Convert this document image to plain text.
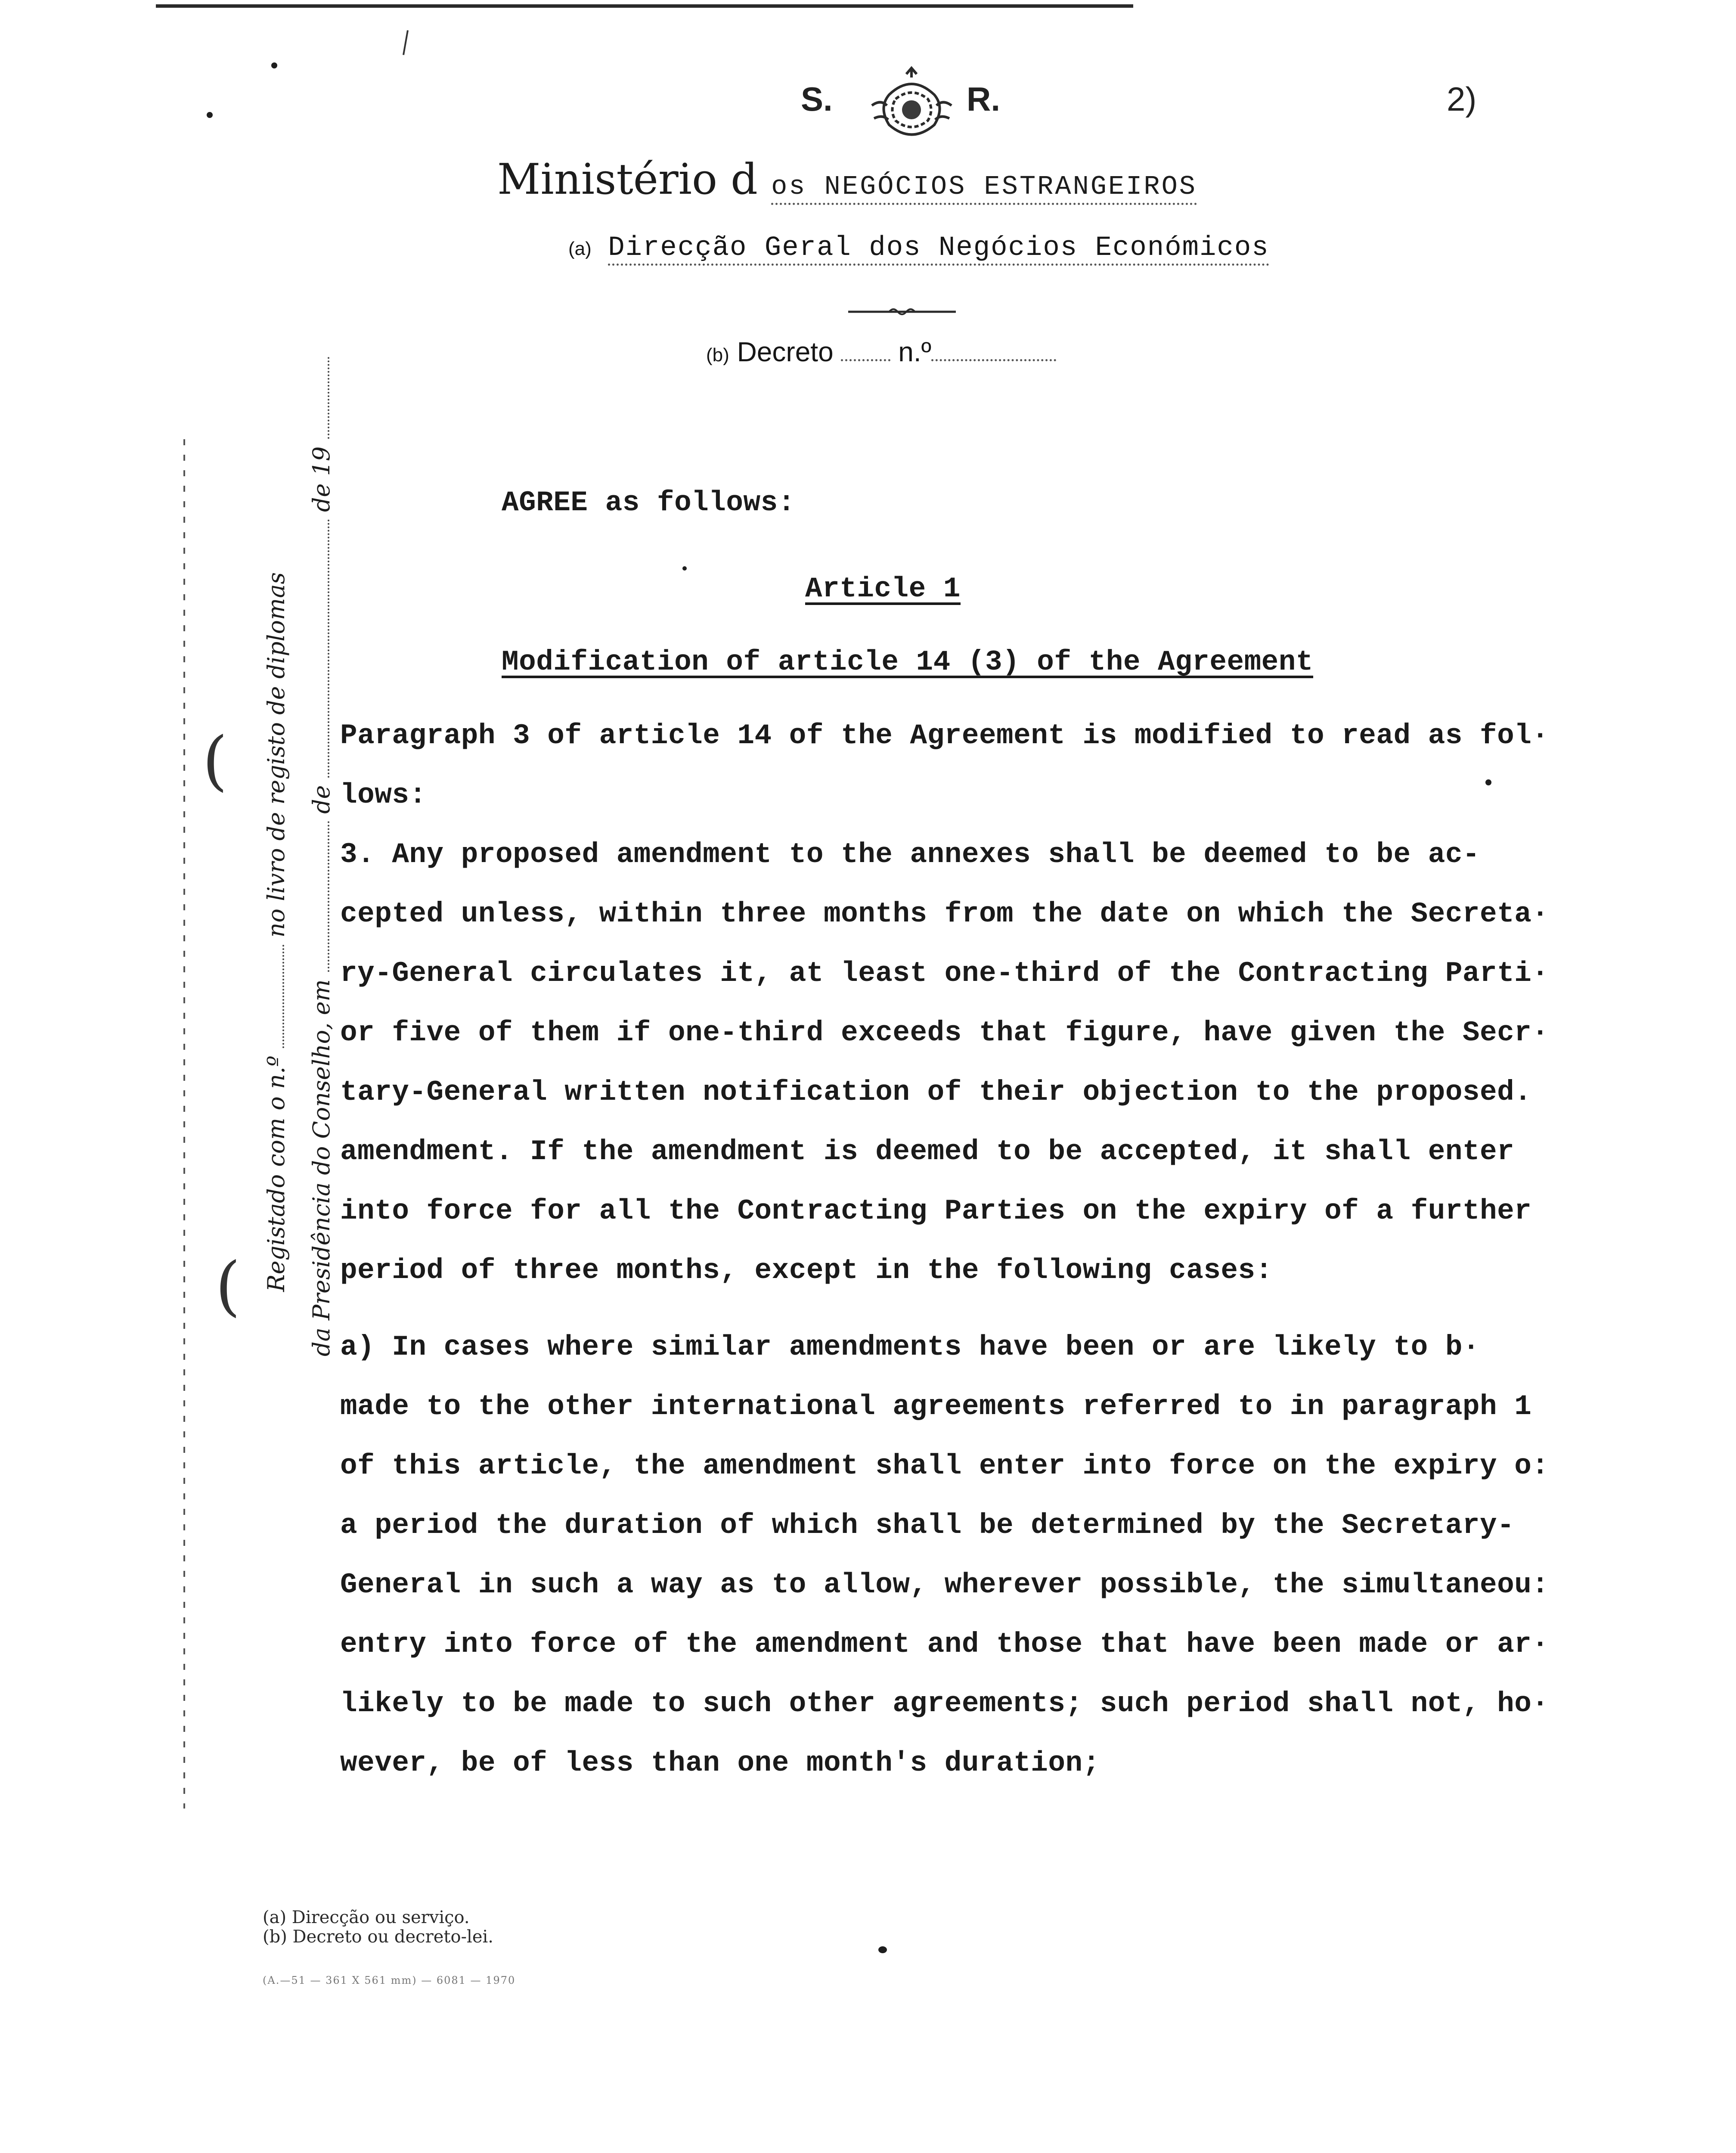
S.	R.	2)
Ministério d os NEGÓCIOS ESTRANGEIROS
(a) Direcção Geral dos Negócios Económicos
(b) Decreto n.º
AGREE as follows:
Article 1
Modification of article 14 (3) of the Agreement
Paragraph 3 of article 14 of the Agreement is modified to read as fol·
lows:
3. Any proposed amendment to the annexes shall be deemed to be ac-
cepted unless, within three months from the date on which the Secreta·
ry-General circulates it, at least one-third of the Contracting Parti·
or five of them if one-third exceeds that figure, have given the Secr·
tary-General written notification of their objection to the proposed.
amendment. If the amendment is deemed to be accepted, it shall enter
into force for all the Contracting Parties on the expiry of a further
period of three months, except in the following cases:
a) In cases where similar amendments have been or are likely to b·
made to the other international agreements referred to in paragraph 1
of this article, the amendment shall enter into force on the expiry o:
a period the duration of which shall be determined by the Secretary-
General in such a way as to allow, wherever possible, the simultaneou:
entry into force of the amendment and those that have been made or ar·
likely to be made to such other agreements; such period shall not, ho·
wever, be of less than one month's duration;
(
( Registado com o n.º  no livro de registo de diplomas
da Presidência do Conselho, em  de  de 19
(a) Direcção ou serviço.
(b) Decreto ou decreto-lei.
(A.—51 — 361 X 561 mm) — 6081 — 1970
